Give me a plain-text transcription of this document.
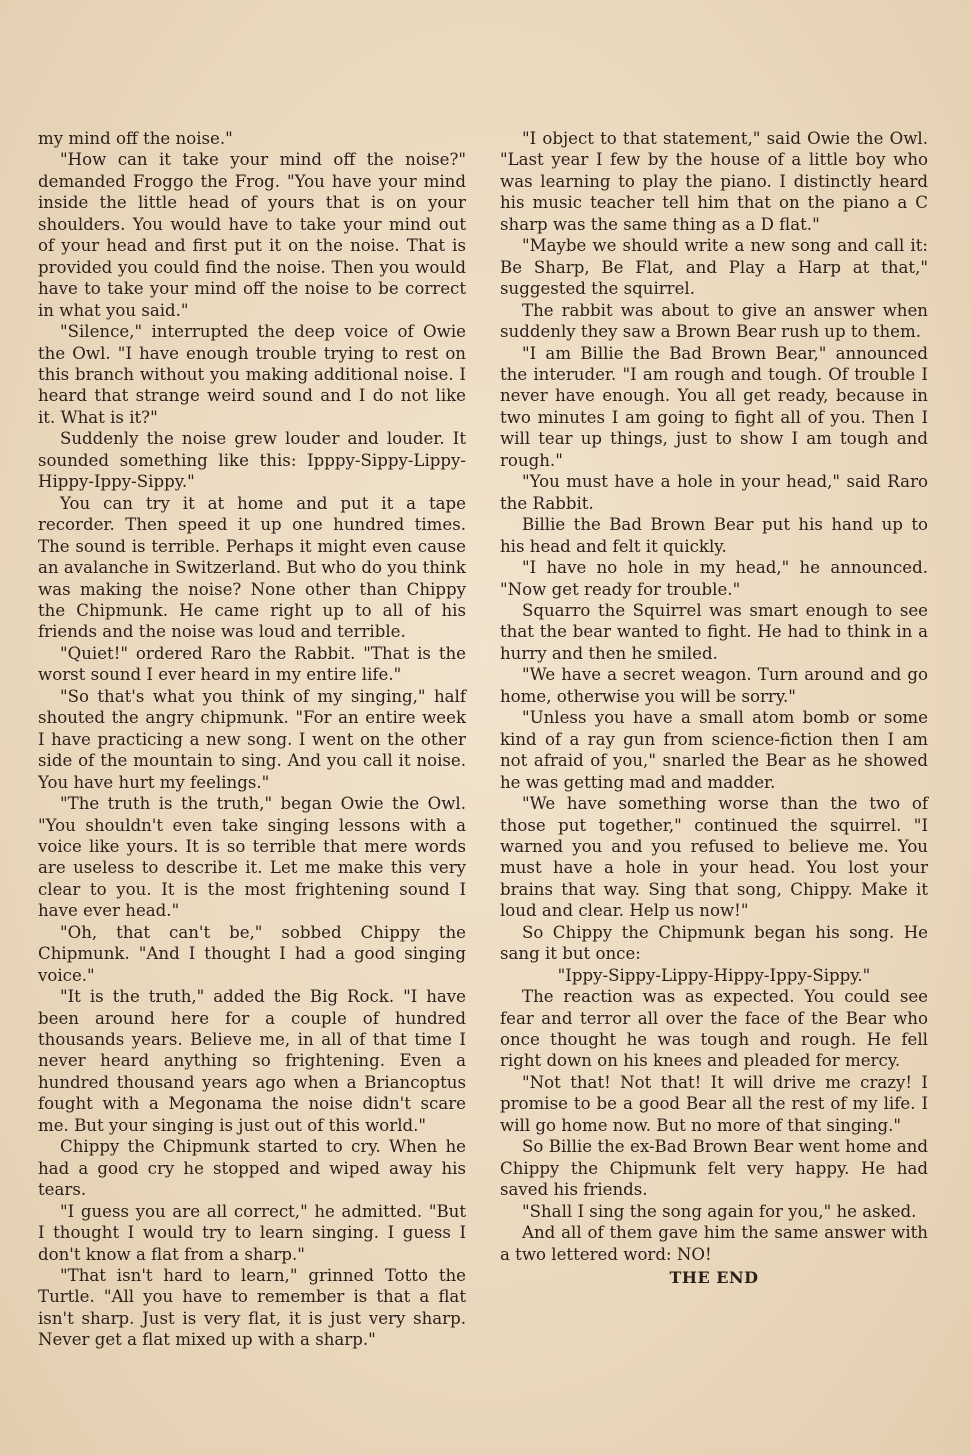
my mind off the noise."

"How can it take your mind off the noise?" demanded Froggo the Frog. "You have your mind inside the little head of yours that is on your shoulders. You would have to take your mind out of your head and first put it on the noise. That is provided you could find the noise. Then you would have to take your mind off the noise to be correct in what you said."

"Silence," interrupted the deep voice of Owie the Owl. "I have enough trouble trying to rest on this branch without you making additional noise. I heard that strange weird sound and I do not like it. What is it?"

Suddenly the noise grew louder and louder. It sounded something like this: Ipppy-Sippy-Lippy-Hippy-Ippy-Sippy."

You can try it at home and put it a tape recorder. Then speed it up one hundred times. The sound is terrible. Perhaps it might even cause an avalanche in Switzerland. But who do you think was making the noise? None other than Chippy the Chipmunk. He came right up to all of his friends and the noise was loud and terrible.

"Quiet!" ordered Raro the Rabbit. "That is the worst sound I ever heard in my entire life."

"So that's what you think of my singing," half shouted the angry chipmunk. "For an entire week I have practicing a new song. I went on the other side of the mountain to sing. And you call it noise. You have hurt my feelings."

"The truth is the truth," began Owie the Owl. "You shouldn't even take singing lessons with a voice like yours. It is so terrible that mere words are useless to describe it. Let me make this very clear to you. It is the most frightening sound I have ever head."

"Oh, that can't be," sobbed Chippy the Chipmunk. "And I thought I had a good singing voice."

"It is the truth," added the Big Rock. "I have been around here for a couple of hundred thousands years. Believe me, in all of that time I never heard anything so frightening. Even a hundred thousand years ago when a Briancoptus fought with a Megonama the noise didn't scare me. But your singing is just out of this world."

Chippy the Chipmunk started to cry. When he had a good cry he stopped and wiped away his tears.

"I guess you are all correct," he admitted. "But I thought I would try to learn singing. I guess I don't know a flat from a sharp."

"That isn't hard to learn," grinned Totto the Turtle. "All you have to remember is that a flat isn't sharp. Just is very flat, it is just very sharp. Never get a flat mixed up with a sharp."

"I object to that statement," said Owie the Owl. "Last year I few by the house of a little boy who was learning to play the piano. I distinctly heard his music teacher tell him that on the piano a C sharp was the same thing as a D flat."

"Maybe we should write a new song and call it: Be Sharp, Be Flat, and Play a Harp at that," suggested the squirrel.

The rabbit was about to give an answer when suddenly they saw a Brown Bear rush up to them.

"I am Billie the Bad Brown Bear," announced the interuder. "I am rough and tough. Of trouble I never have enough. You all get ready, because in two minutes I am going to fight all of you. Then I will tear up things, just to show I am tough and rough."

"You must have a hole in your head," said Raro the Rabbit.

Billie the Bad Brown Bear put his hand up to his head and felt it quickly.

"I have no hole in my head," he announced. "Now get ready for trouble."

Squarro the Squirrel was smart enough to see that the bear wanted to fight. He had to think in a hurry and then he smiled.

"We have a secret weagon. Turn around and go home, otherwise you will be sorry."

"Unless you have a small atom bomb or some kind of a ray gun from science-fiction then I am not afraid of you," snarled the Bear as he showed he was getting mad and madder.

"We have something worse than the two of those put together," continued the squirrel. "I warned you and you refused to believe me. You must have a hole in your head. You lost your brains that way. Sing that song, Chippy. Make it loud and clear. Help us now!"

So Chippy the Chipmunk began his song. He sang it but once:

"Ippy-Sippy-Lippy-Hippy-Ippy-Sippy."

The reaction was as expected. You could see fear and terror all over the face of the Bear who once thought he was tough and rough. He fell right down on his knees and pleaded for mercy.

"Not that! Not that! It will drive me crazy! I promise to be a good Bear all the rest of my life. I will go home now. But no more of that singing."

So Billie the ex-Bad Brown Bear went home and Chippy the Chipmunk felt very happy. He had saved his friends.

"Shall I sing the song again for you," he asked.

And all of them gave him the same answer with a two lettered word: NO!

THE END
